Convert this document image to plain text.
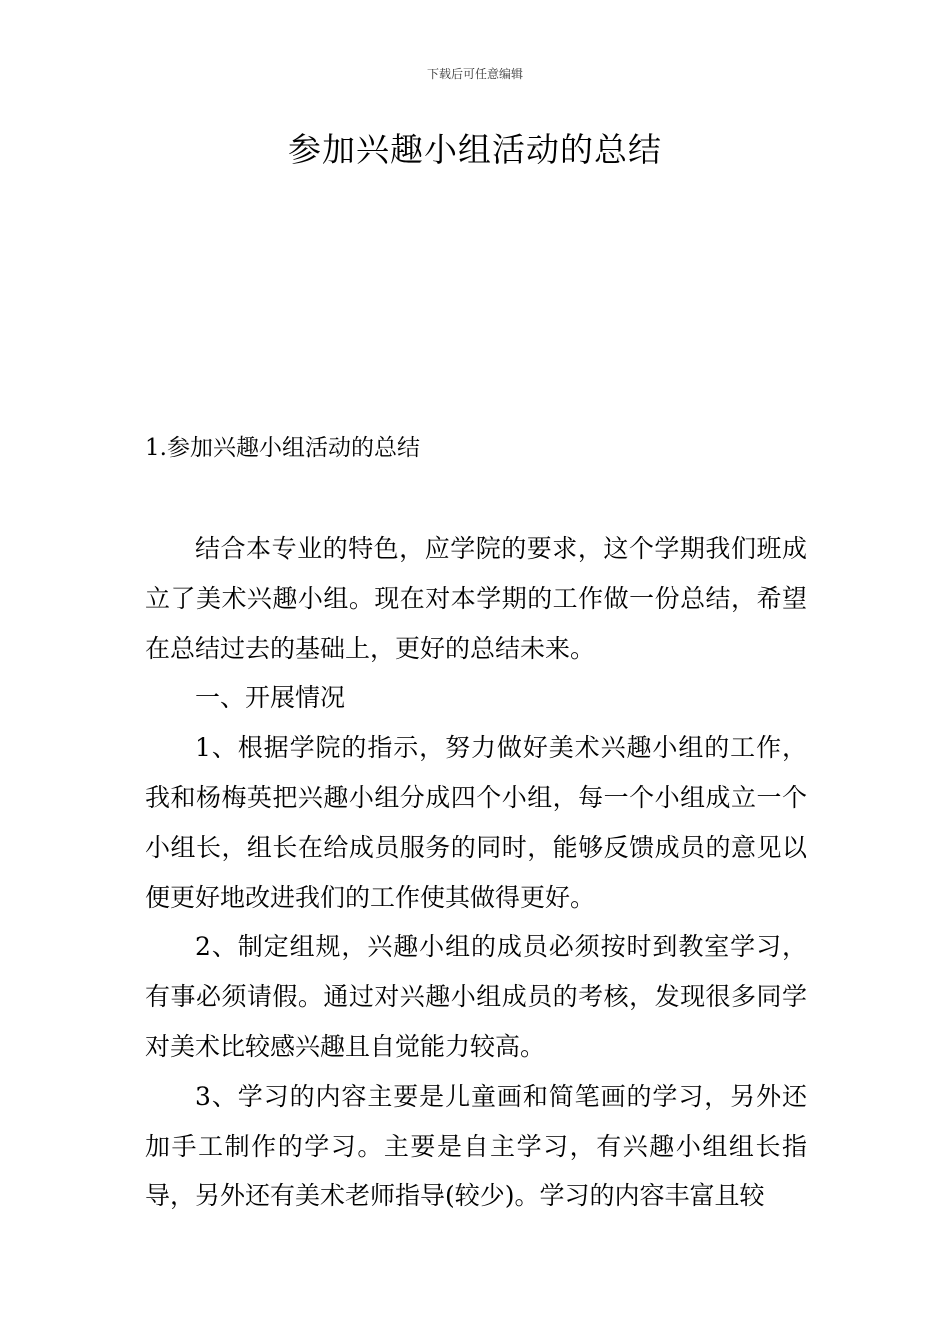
下载后可任意编辑
参加兴趣小组活动的总结
1.参加兴趣小组活动的总结

结合本专业的特色，应学院的要求，这个学期我们班成立了美术兴趣小组。现在对本学期的工作做一份总结，希望在总结过去的基础上，更好的总结未来。

一、开展情况

1、根据学院的指示，努力做好美术兴趣小组的工作，我和杨梅英把兴趣小组分成四个小组，每一个小组成立一个小组长，组长在给成员服务的同时，能够反馈成员的意见以便更好地改进我们的工作使其做得更好。

2、制定组规，兴趣小组的成员必须按时到教室学习，有事必须请假。通过对兴趣小组成员的考核，发现很多同学对美术比较感兴趣且自觉能力较高。

3、学习的内容主要是儿童画和简笔画的学习，另外还加手工制作的学习。主要是自主学习，有兴趣小组组长指导，另外还有美术老师指导(较少)。学习的内容丰富且较
